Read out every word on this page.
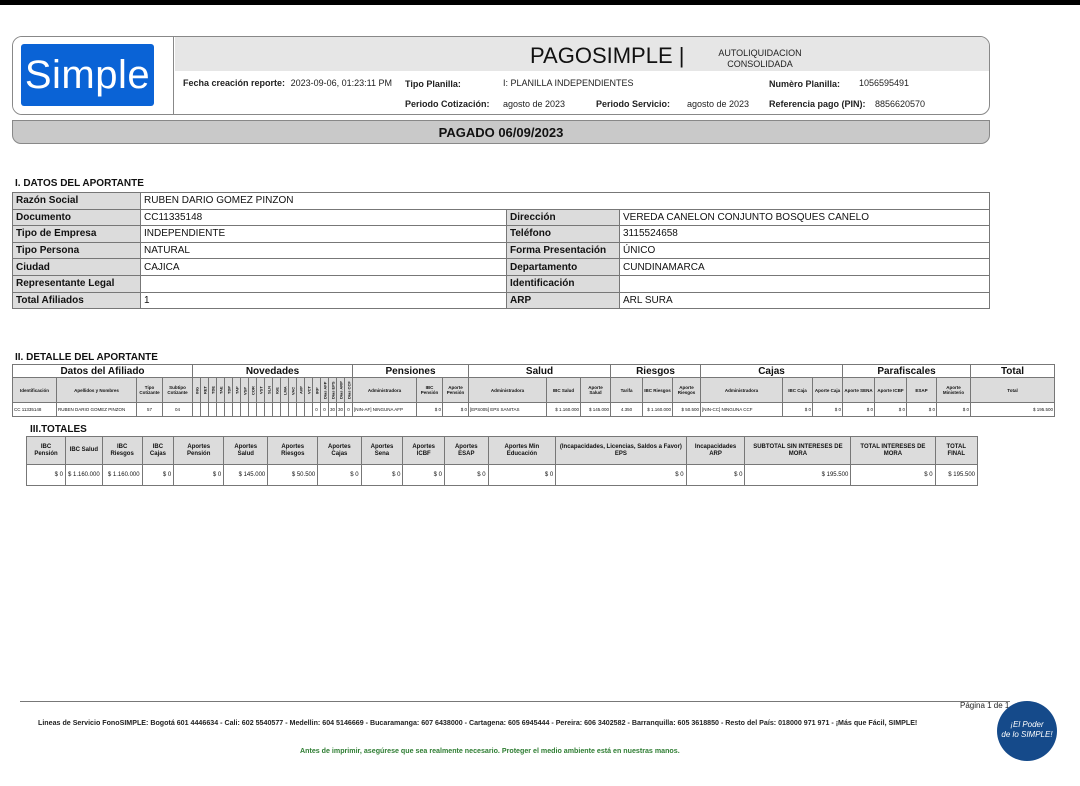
Simple	PAGOSIMPLE |	AUTOLIQUIDACION
CONSOLIDADA
Fecha creación reporte: 2023-09-06, 01:23:11 PM Tipo Planilla:	I: PLANILLA INDEPENDIENTES	Numèro Planilla: 1056595491
Periodo Cotización: agosto de 2023	Periodo Servicio: agosto de 2023 Referencia pago (PIN): 8856620570
PAGADO 06/09/2023
I. DATOS DEL APORTANTE
Razón Social	RUBEN DARIO GOMEZ PINZON		
Documento	CC11335148	Dirección	VEREDA CANELON CONJUNTO BOSQUES CANELO
Tipo de Empresa	INDEPENDIENTE	Teléfono	3115524658
Tipo Persona	NATURAL	Forma Presentación	ÚNICO
Ciudad	CAJICA	Departamento	CUNDINAMARCA
Representante Legal		Identificación	
Total Afiliados	1	ARP	ARL SURA
II. DETALLE DEL APORTANTE
Datos del Afiliado				Novedades																				Pensiones			Salud			Riesgos			Cajas			Parafiscales				Total
Identificación	Apellidos y Nombres	Tipo Cotizante	Subtipo Cotizante	ING	RET	TDE	TAE	TDP	TAP	VSP	COR	VST	SLN	IGE	LMA	VAC	AVP	VCT	IRP	Días AFP	Días EPS	Días ARP	Días CCF	Administradora	IBC Pensión	Aporte Pensión	Administradora	IBC Salud	Aporte Salud	Tarifa	IBC Riesgos	Aporte Riesgos	Administradora	IBC Caja	Aporte Caja	Aporte SENA	Aporte ICBF	ESAP	Aporte Ministerio	Total
CC 11335148	RUBEN DARIO GOMEZ PINZON	57	04																0	0	30	30	0	[NIN-AF] NINGUNA AFP	$ 0	$ 0	[EPS005] EPS SANITAS	$ 1.160.000	$ 145.000	4.350	$ 1.160.000	$ 50.500	[NIN-CC] NINGUNA CCF	$ 0	$ 0	$ 0	$ 0	$ 0	$ 0	$ 195.500
III.TOTALES
IBC Pensión	IBC Salud	IBC Riesgos	IBC Cajas	Aportes Pensión	Aportes Salud	Aportes Riesgos	Aportes Cajas	Aportes Sena	Aportes ICBF	Aportes ESAP	Aportes Min Educación	(Incapacidades, Licencias, Saldos a Favor) EPS	Incapacidades ARP	SUBTOTAL SIN INTERESES DE MORA	TOTAL INTERESES DE MORA	TOTAL FINAL
$ 0	$ 1.160.000	$ 1.160.000	$ 0	$ 0	$ 145.000	$ 50.500	$ 0	$ 0	$ 0	$ 0	$ 0	$ 0	$ 0	$ 195.500	$ 0	$ 195.500
Página 1 de 1
Lineas de Servicio FonoSIMPLE: Bogotá 601 4446634 - Cali: 602 5540577 - Medellin: 604 5146669 - Bucaramanga: 607 6438000 - Cartagena: 605 6945444 - Pereira: 606 3402582 - Barranquilla: 605 3618850 - Resto del País: 018000 971 971 - ¡Más que Fácil, SIMPLE!
Antes de imprimir, asegúrese que sea realmente necesario. Proteger el medio ambiente está en nuestras manos.
¡El Poder
de lo SIMPLE!
